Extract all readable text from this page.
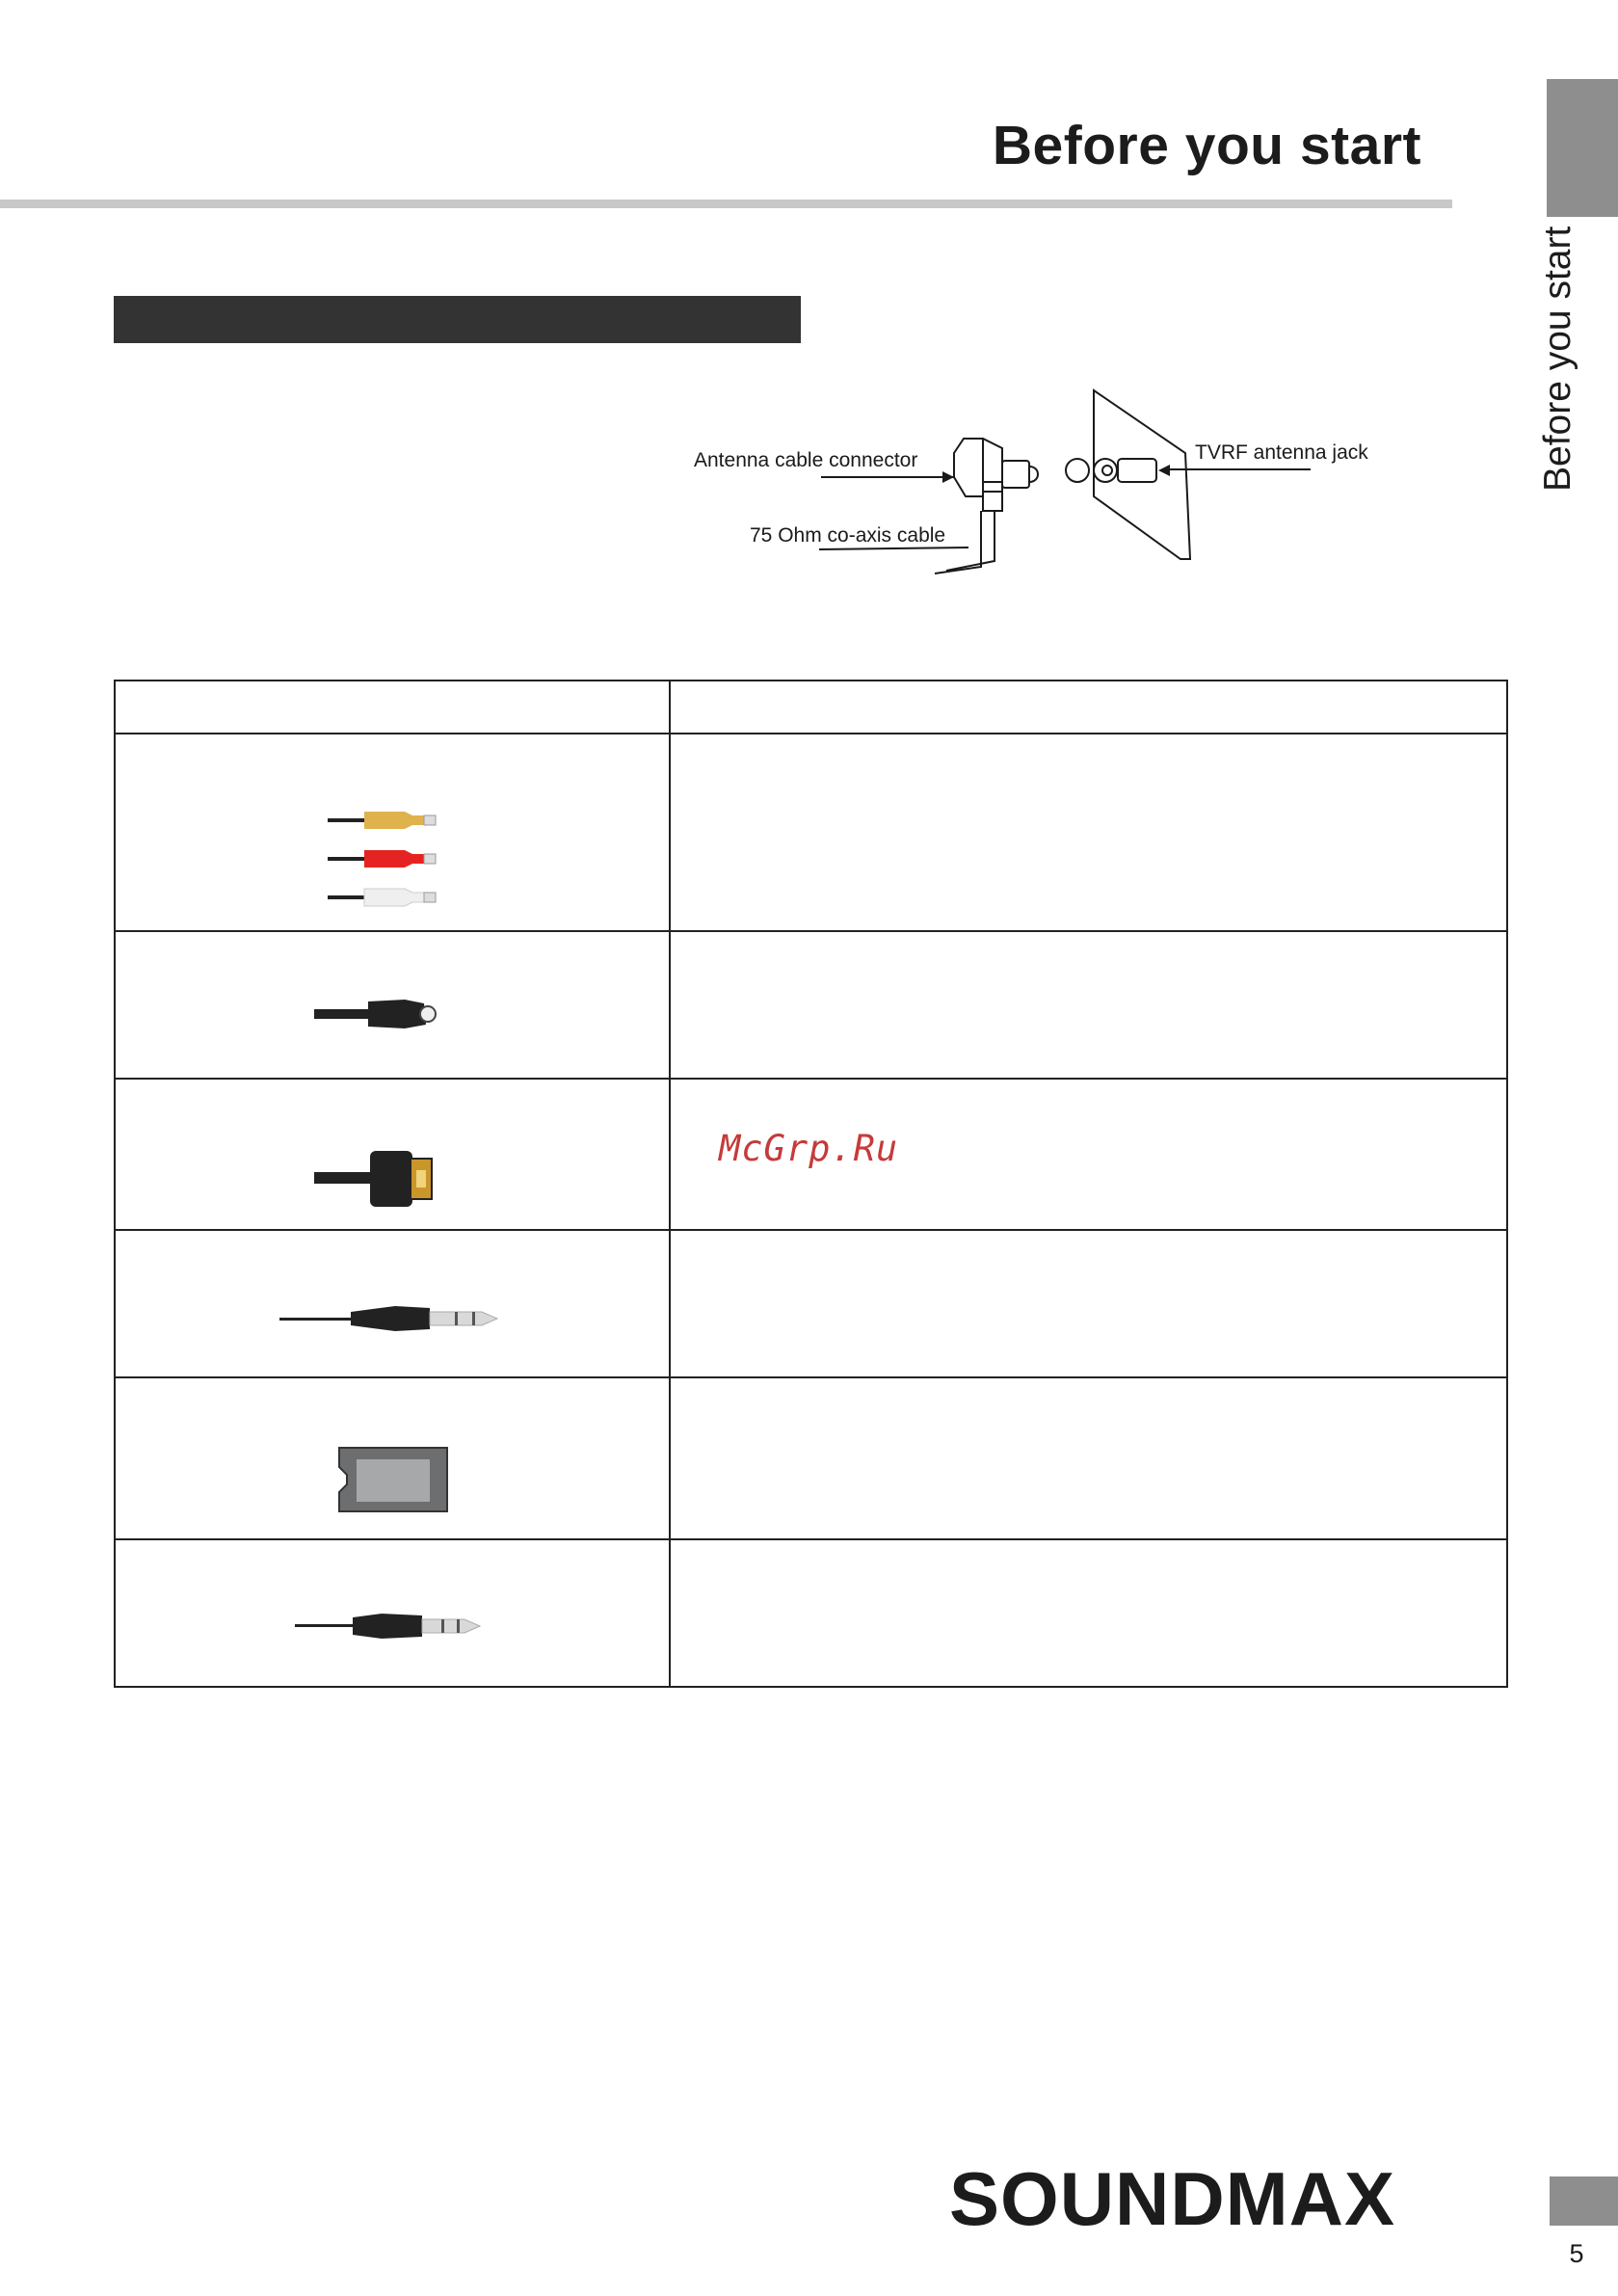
Before you start
Before you start
Antenna cable connector
75 Ohm co-axis cable
TVRF antenna jack

McGrp.Ru
SOUNDMAX
5
